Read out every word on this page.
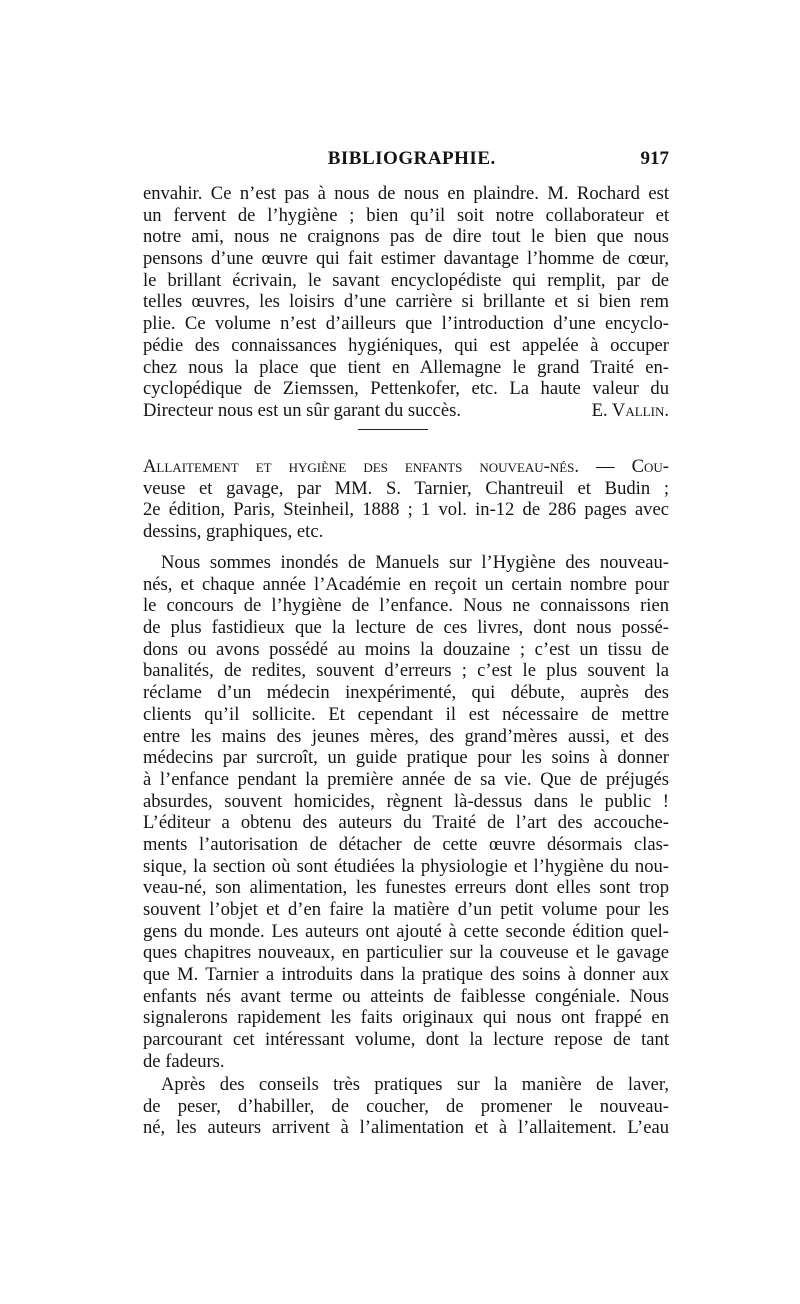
BIBLIOGRAPHIE.	917
envahir. Ce n’est pas à nous de nous en plaindre. M. Rochard est
un fervent de l’hygiène ; bien qu’il soit notre collaborateur et
notre ami, nous ne craignons pas de dire tout le bien que nous
pensons d’une œuvre qui fait estimer davantage l’homme de cœur,
le brillant écrivain, le savant encyclopédiste qui remplit, par de
telles œuvres, les loisirs d’une carrière si brillante et si bien rem
plie. Ce volume n’est d’ailleurs que l’introduction d’une encyclo-
pédie des connaissances hygiéniques, qui est appelée à occuper
chez nous la place que tient en Allemagne le grand Traité en-
cyclopédique de Ziemssen, Pettenkofer, etc. La haute valeur du
Directeur nous est un sûr garant du succès.	E. Vallin.
Allaitement et hygiène des enfants nouveau-nés. — Cou-
veuse et gavage, par MM. S. Tarnier, Chantreuil et Budin ;
2e édition, Paris, Steinheil, 1888 ; 1 vol. in-12 de 286 pages avec
dessins, graphiques, etc.
Nous sommes inondés de Manuels sur l’Hygiène des nouveau-
nés, et chaque année l’Académie en reçoit un certain nombre pour
le concours de l’hygiène de l’enfance. Nous ne connaissons rien
de plus fastidieux que la lecture de ces livres, dont nous possé-
dons ou avons possédé au moins la douzaine ; c’est un tissu de
banalités, de redites, souvent d’erreurs ; c’est le plus souvent la
réclame d’un médecin inexpérimenté, qui débute, auprès des
clients qu’il sollicite. Et cependant il est nécessaire de mettre
entre les mains des jeunes mères, des grand’mères aussi, et des
médecins par surcroît, un guide pratique pour les soins à donner
à l’enfance pendant la première année de sa vie. Que de préjugés
absurdes, souvent homicides, règnent là-dessus dans le public !
L’éditeur a obtenu des auteurs du Traité de l’art des accouche-
ments l’autorisation de détacher de cette œuvre désormais clas-
sique, la section où sont étudiées la physiologie et l’hygiène du nou-
veau-né, son alimentation, les funestes erreurs dont elles sont trop
souvent l’objet et d’en faire la matière d’un petit volume pour les
gens du monde. Les auteurs ont ajouté à cette seconde édition quel-
ques chapitres nouveaux, en particulier sur la couveuse et le gavage
que M. Tarnier a introduits dans la pratique des soins à donner aux
enfants nés avant terme ou atteints de faiblesse congéniale. Nous
signalerons rapidement les faits originaux qui nous ont frappé en
parcourant cet intéressant volume, dont la lecture repose de tant
de fadeurs.
Après des conseils très pratiques sur la manière de laver,
de peser, d’habiller, de coucher, de promener le nouveau-
né, les auteurs arrivent à l’alimentation et à l’allaitement. L’eau
